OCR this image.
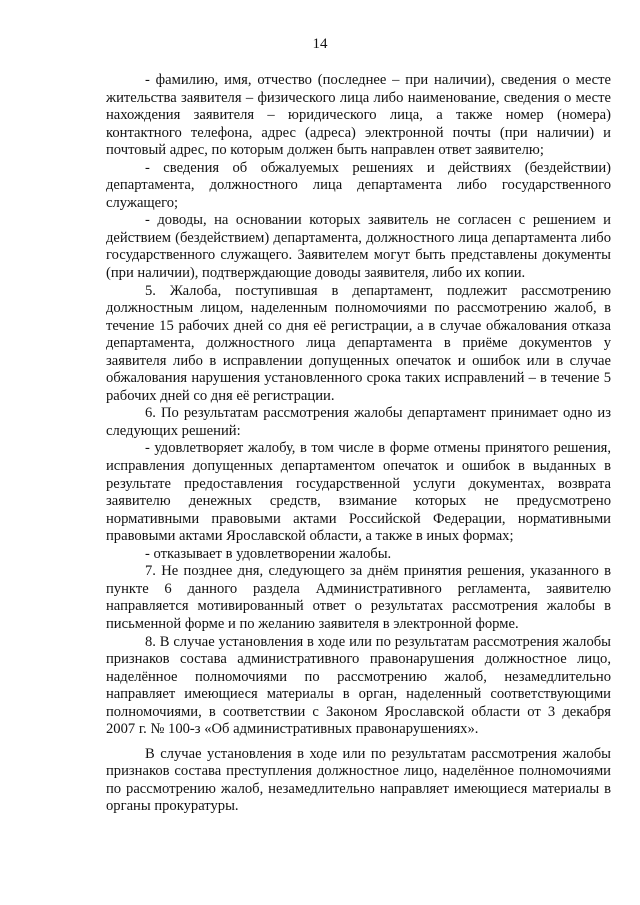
14

- фамилию, имя, отчество (последнее – при наличии), сведения о месте жительства заявителя – физического лица либо наименование, сведения о месте нахождения заявителя – юридического лица, а также номер (номера) контактного телефона, адрес (адреса) электронной почты (при наличии) и почтовый адрес, по которым должен быть направлен ответ заявителю;

- сведения об обжалуемых решениях и действиях (бездействии) департамента, должностного лица департамента либо государственного служащего;

- доводы, на основании которых заявитель не согласен с решением и действием (бездействием) департамента, должностного лица департамента либо государственного служащего. Заявителем могут быть представлены документы (при наличии), подтверждающие доводы заявителя, либо их копии.

5. Жалоба, поступившая в департамент, подлежит рассмотрению должностным лицом, наделенным полномочиями по рассмотрению жалоб, в течение 15 рабочих дней со дня её регистрации, а в случае обжалования отказа департамента, должностного лица департамента в приёме документов у заявителя либо в исправлении допущенных опечаток и ошибок или в случае обжалования нарушения установленного срока таких исправлений – в течение 5 рабочих дней со дня её регистрации.

6. По результатам рассмотрения жалобы департамент принимает одно из следующих решений:

- удовлетворяет жалобу, в том числе в форме отмены принятого решения, исправления допущенных департаментом опечаток и ошибок в выданных в результате предоставления государственной услуги документах, возврата заявителю денежных средств, взимание которых не предусмотрено нормативными правовыми актами Российской Федерации, нормативными правовыми актами Ярославской области, а также в иных формах;

- отказывает в удовлетворении жалобы.

7. Не позднее дня, следующего за днём принятия решения, указанного в пункте 6 данного раздела Административного регламента, заявителю направляется мотивированный ответ о результатах рассмотрения жалобы в письменной форме и по желанию заявителя в электронной форме.

8. В случае установления в ходе или по результатам рассмотрения жалобы признаков состава административного правонарушения должностное лицо, наделённое полномочиями по рассмотрению жалоб, незамедлительно направляет имеющиеся материалы в орган, наделенный соответствующими полномочиями, в соответствии с Законом Ярославской области от 3 декабря 2007 г. № 100-з «Об административных правонарушениях».

В случае установления в ходе или по результатам рассмотрения жалобы признаков состава преступления должностное лицо, наделённое полномочиями по рассмотрению жалоб, незамедлительно направляет имеющиеся материалы в органы прокуратуры.
